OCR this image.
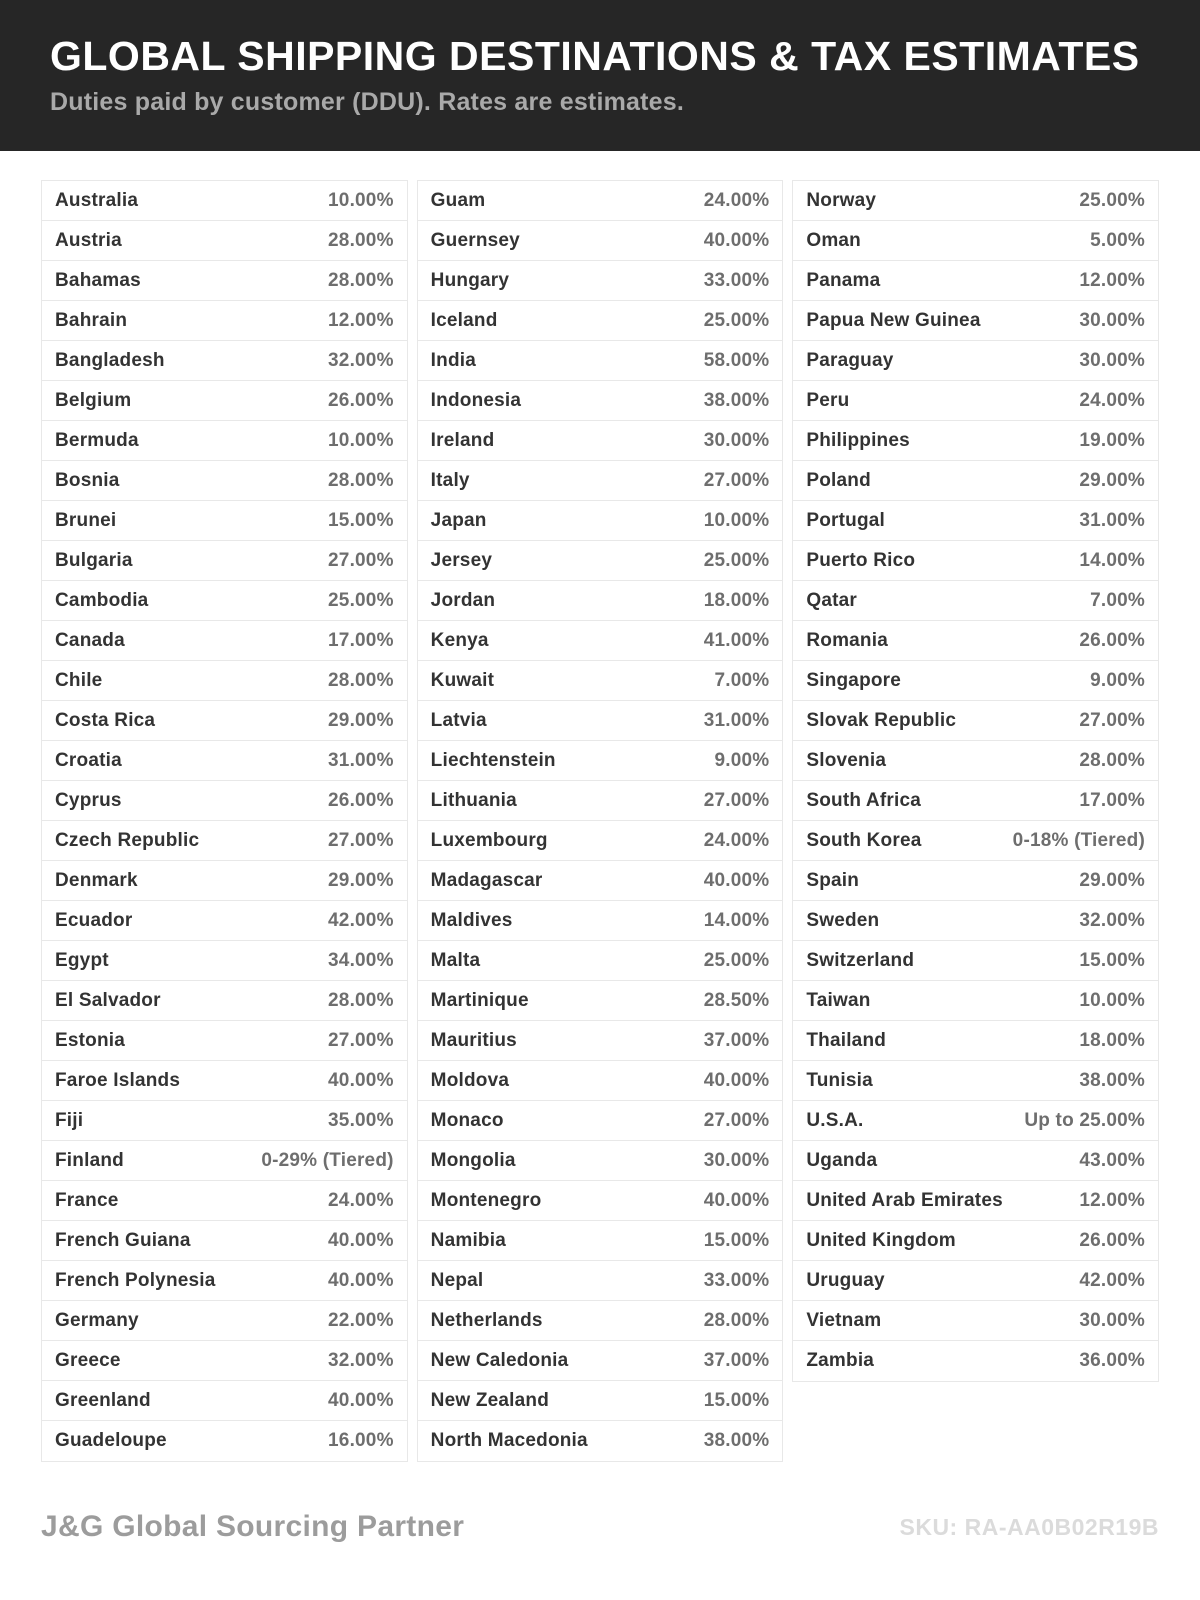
GLOBAL SHIPPING DESTINATIONS & TAX ESTIMATES
Duties paid by customer (DDU). Rates are estimates.
Australia	10.00%
Austria	28.00%
Bahamas	28.00%
Bahrain	12.00%
Bangladesh	32.00%
Belgium	26.00%
Bermuda	10.00%
Bosnia	28.00%
Brunei	15.00%
Bulgaria	27.00%
Cambodia	25.00%
Canada	17.00%
Chile	28.00%
Costa Rica	29.00%
Croatia	31.00%
Cyprus	26.00%
Czech Republic	27.00%
Denmark	29.00%
Ecuador	42.00%
Egypt	34.00%
El Salvador	28.00%
Estonia	27.00%
Faroe Islands	40.00%
Fiji	35.00%
Finland	0-29% (Tiered)
France	24.00%
French Guiana	40.00%
French Polynesia	40.00%
Germany	22.00%
Greece	32.00%
Greenland	40.00%
Guadeloupe	16.00%
Guam	24.00%
Guernsey	40.00%
Hungary	33.00%
Iceland	25.00%
India	58.00%
Indonesia	38.00%
Ireland	30.00%
Italy	27.00%
Japan	10.00%
Jersey	25.00%
Jordan	18.00%
Kenya	41.00%
Kuwait	7.00%
Latvia	31.00%
Liechtenstein	9.00%
Lithuania	27.00%
Luxembourg	24.00%
Madagascar	40.00%
Maldives	14.00%
Malta	25.00%
Martinique	28.50%
Mauritius	37.00%
Moldova	40.00%
Monaco	27.00%
Mongolia	30.00%
Montenegro	40.00%
Namibia	15.00%
Nepal	33.00%
Netherlands	28.00%
New Caledonia	37.00%
New Zealand	15.00%
North Macedonia	38.00%
Norway	25.00%
Oman	5.00%
Panama	12.00%
Papua New Guinea	30.00%
Paraguay	30.00%
Peru	24.00%
Philippines	19.00%
Poland	29.00%
Portugal	31.00%
Puerto Rico	14.00%
Qatar	7.00%
Romania	26.00%
Singapore	9.00%
Slovak Republic	27.00%
Slovenia	28.00%
South Africa	17.00%
South Korea	0-18% (Tiered)
Spain	29.00%
Sweden	32.00%
Switzerland	15.00%
Taiwan	10.00%
Thailand	18.00%
Tunisia	38.00%
U.S.A.	Up to 25.00%
Uganda	43.00%
United Arab Emirates	12.00%
United Kingdom	26.00%
Uruguay	42.00%
Vietnam	30.00%
Zambia	36.00%
J&G Global Sourcing Partner	SKU: RA-AA0B02R19B
